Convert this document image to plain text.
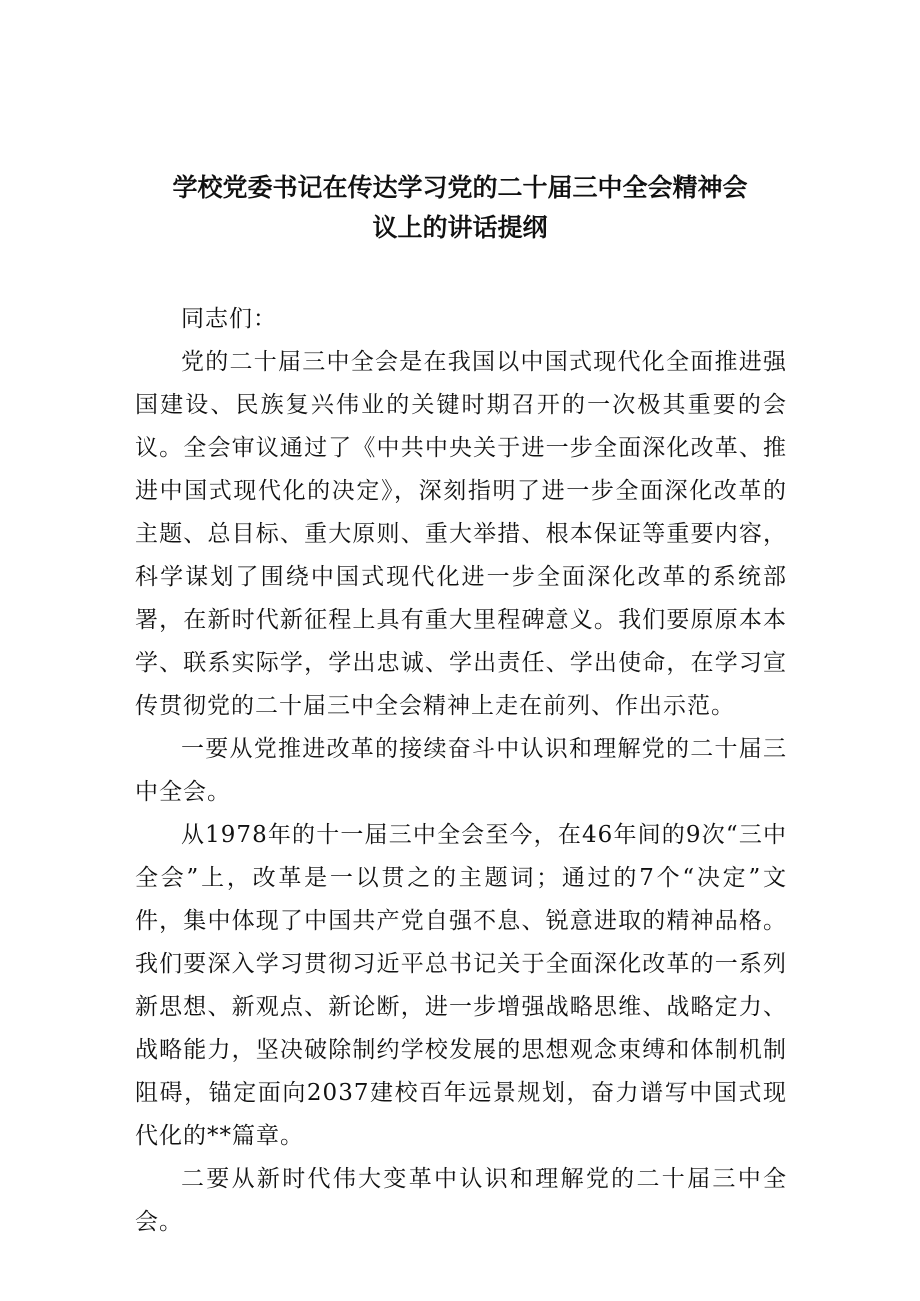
学校党委书记在传达学习党的二十届三中全会精神会
议上的讲话提纲

同志们：

党的二十届三中全会是在我国以中国式现代化全面推进强国建设、民族复兴伟业的关键时期召开的一次极其重要的会议。全会审议通过了《中共中央关于进一步全面深化改革、推进中国式现代化的决定》，深刻指明了进一步全面深化改革的主题、总目标、重大原则、重大举措、根本保证等重要内容，科学谋划了围绕中国式现代化进一步全面深化改革的系统部署，在新时代新征程上具有重大里程碑意义。我们要原原本本学、联系实际学，学出忠诚、学出责任、学出使命，在学习宣传贯彻党的二十届三中全会精神上走在前列、作出示范。

一要从党推进改革的接续奋斗中认识和理解党的二十届三中全会。

从1978年的十一届三中全会至今，在46年间的9次“三中全会”上，改革是一以贯之的主题词；通过的7个“决定”文件，集中体现了中国共产党自强不息、锐意进取的精神品格。我们要深入学习贯彻习近平总书记关于全面深化改革的一系列新思想、新观点、新论断，进一步增强战略思维、战略定力、战略能力，坚决破除制约学校发展的思想观念束缚和体制机制阻碍，锚定面向2037建校百年远景规划，奋力谱写中国式现代化的**篇章。

二要从新时代伟大变革中认识和理解党的二十届三中全会。
